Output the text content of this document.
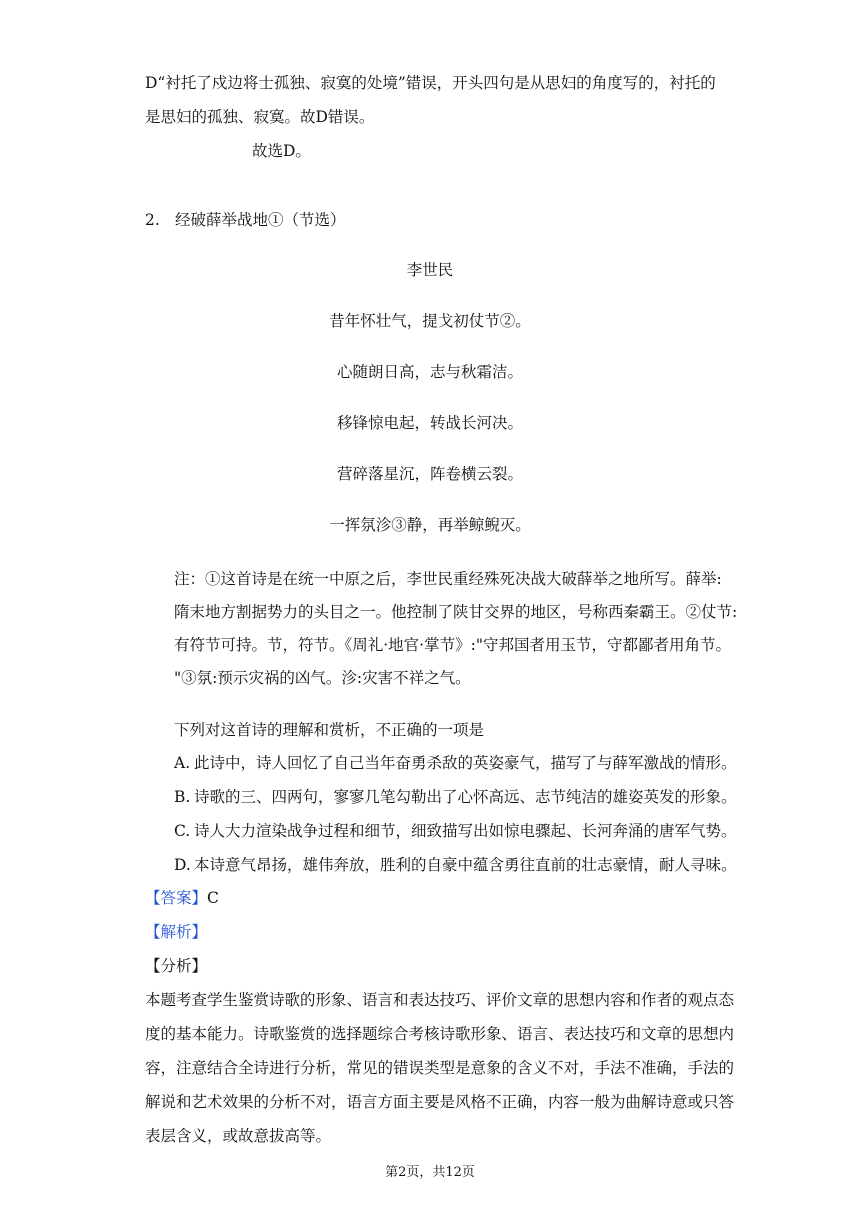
D“衬托了戍边将士孤独、寂寞的处境”错误，开头四句是从思妇的角度写的，衬托的
是思妇的孤独、寂寞。故D错误。
故选D。
2. 经破薛举战地①（节选）
李世民
昔年怀壮气，提戈初仗节②。
心随朗日高，志与秋霜洁。
移锋惊电起，转战长河决。
营碎落星沉，阵卷横云裂。
一挥氛沴③静，再举鲸鲵灭。
注：①这首诗是在统一中原之后，李世民重经殊死决战大破薛举之地所写。薛举:
隋末地方割据势力的头目之一。他控制了陕甘交界的地区，号称西秦霸王。②仗节:
有符节可持。节，符节。《周礼·地官·掌节》:"守邦国者用玉节，守都鄙者用角节。
"③氛:预示灾祸的凶气。沴:灾害不祥之气。
下列对这首诗的理解和赏析，不正确的一项是
A. 此诗中，诗人回忆了自己当年奋勇杀敌的英姿豪气，描写了与薛军激战的情形。
B. 诗歌的三、四两句，寥寥几笔勾勒出了心怀高远、志节纯洁的雄姿英发的形象。
C. 诗人大力渲染战争过程和细节，细致描写出如惊电骤起、长河奔涌的唐军气势。
D. 本诗意气昂扬，雄伟奔放，胜利的自豪中蕴含勇往直前的壮志豪情，耐人寻味。
【答案】C
【解析】
【分析】
本题考查学生鉴赏诗歌的形象、语言和表达技巧、评价文章的思想内容和作者的观点态
度的基本能力。诗歌鉴赏的选择题综合考核诗歌形象、语言、表达技巧和文章的思想内
容，注意结合全诗进行分析，常见的错误类型是意象的含义不对，手法不准确，手法的
解说和艺术效果的分析不对，语言方面主要是风格不正确，内容一般为曲解诗意或只答
表层含义，或故意拔高等。
第2页，共12页
